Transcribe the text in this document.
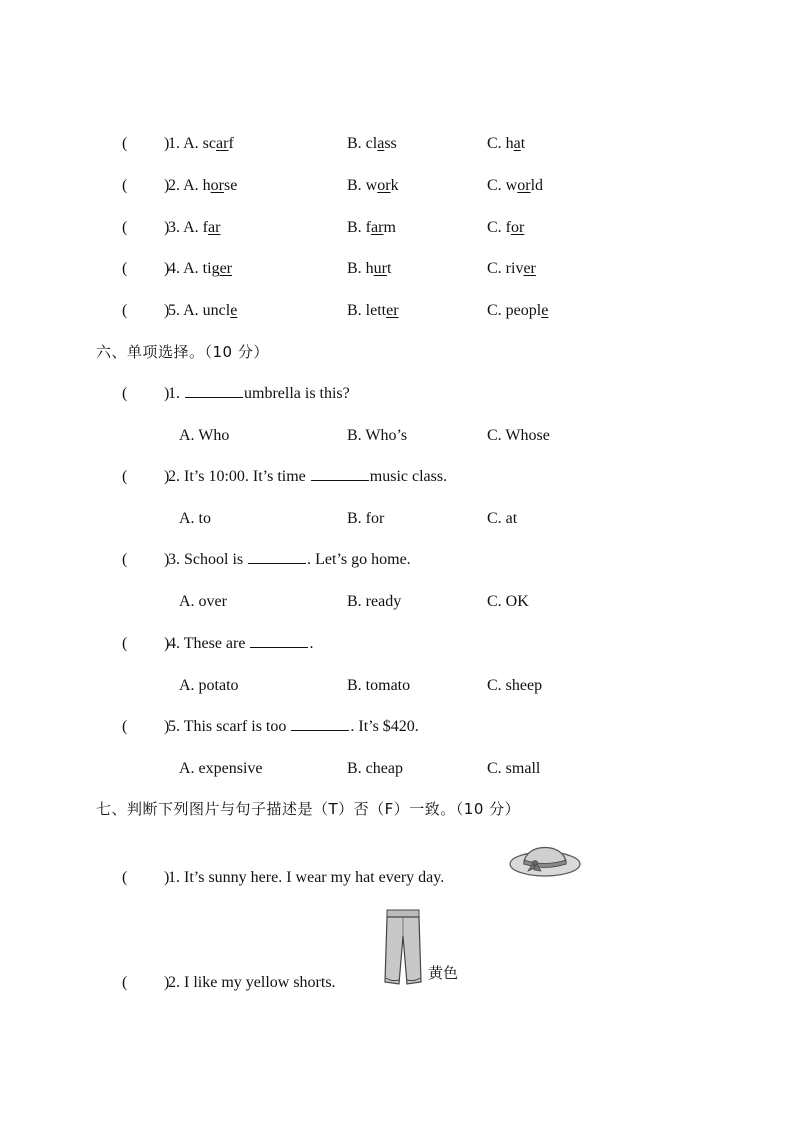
( )
1. A. scarf	B. class	C. hat
( )
2. A. horse	B. work	C. world
( )
3. A. far	B. farm	C. for
( )
4. A. tiger	B. hurt	C. river
( )
5. A. uncle	B. letter	C. people
六、单项选择。（10 分）
( )
1.	umbrella is this?
A. Who	B. Who’s	C. Whose
( )
2. It’s 10:00. It’s time	music class.
A. to	B. for	C. at
( )
3. School is	. Let’s go home.
A. over	B. ready	C. OK
( )
4. These are	.
A. potato	B. tomato	C. sheep
( )
5. This scarf is too	. It’s $420.
A. expensive	B. cheap	C. small
七、判断下列图片与句子描述是（T）否（F）一致。（10 分）
( )
1. It’s sunny here. I wear my hat every day.
( )
2. I like my yellow shorts.
黄色
